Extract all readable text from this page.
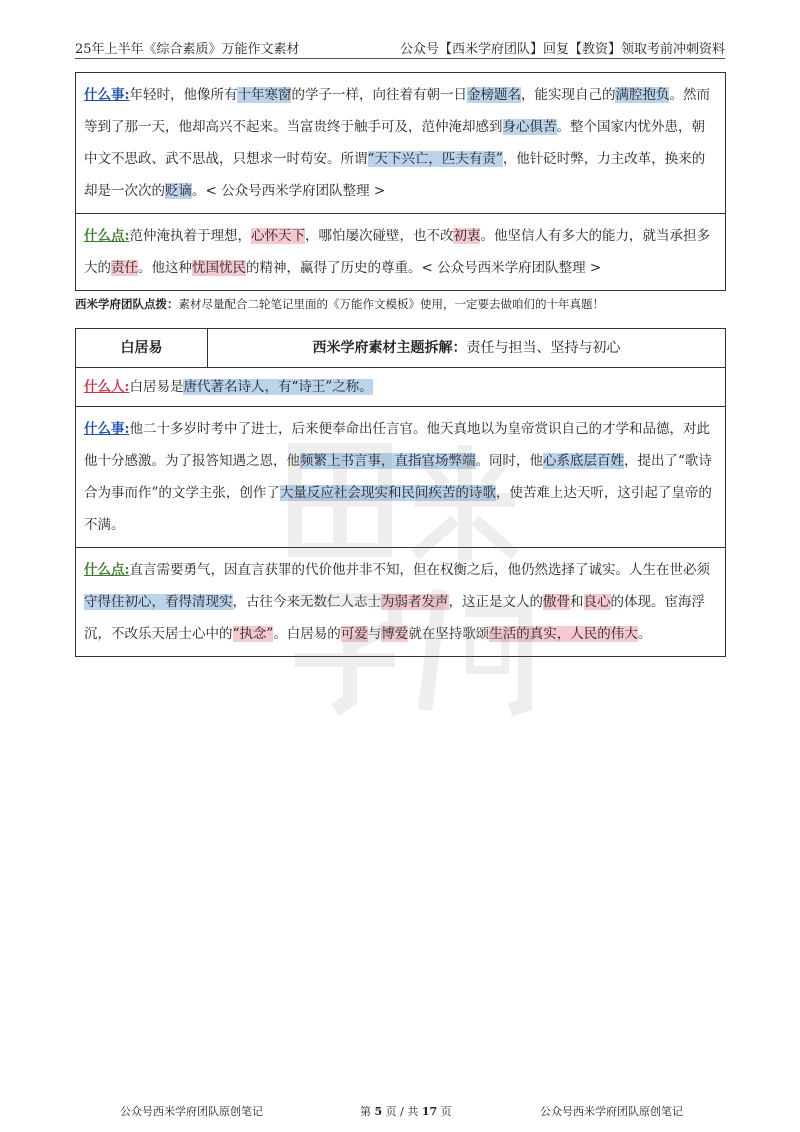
25年上半年《综合素质》万能作文素材	公众号【西米学府团队】回复【教资】领取考前冲刺资料
什么事:年轻时，他像所有十年寒窗的学子一样，向往着有朝一日金榜题名，能实现自己的满腔抱负。然而等到了那一天，他却高兴不起来。当富贵终于触手可及，范仲淹却感到身心俱苦。整个国家内忧外患，朝中文不思政、武不思战，只想求一时苟安。所谓“天下兴亡，匹夫有责”，他针砭时弊，力主改革，换来的却是一次次的贬谪。< 公众号西米学府团队整理 >
什么点:范仲淹执着于理想，心怀天下，哪怕屡次碰壁，也不改初衷。他坚信人有多大的能力，就当承担多大的责任。他这种忧国忧民的精神，赢得了历史的尊重。< 公众号西米学府团队整理 >
西米学府团队点拨：素材尽量配合二轮笔记里面的《万能作文模板》使用，一定要去做咱们的十年真题！
白居易	西米学府素材主题拆解：责任与担当、坚持与初心
什么人:白居易是唐代著名诗人，有“诗王”之称。
什么事:他二十多岁时考中了进士，后来便奉命出任言官。他天真地以为皇帝赏识自己的才学和品德，对此他十分感激。为了报答知遇之恩，他频繁上书言事，直指官场弊端。同时，他心系底层百姓，提出了“歌诗合为事而作”的文学主张，创作了大量反应社会现实和民间疾苦的诗歌，使苦难上达天听，这引起了皇帝的不满。
什么点:直言需要勇气，因直言获罪的代价他并非不知，但在权衡之后，他仍然选择了诚实。人生在世必须守得住初心，看得清现实，古往今来无数仁人志士为弱者发声，这正是文人的傲骨和良心的体现。宦海浮沉，不改乐天居士心中的“执念”。白居易的可爱与博爱就在坚持歌颂生活的真实，人民的伟大。
公众号西米学府团队原创笔记	第 5 页 / 共 17 页	公众号西米学府团队原创笔记
